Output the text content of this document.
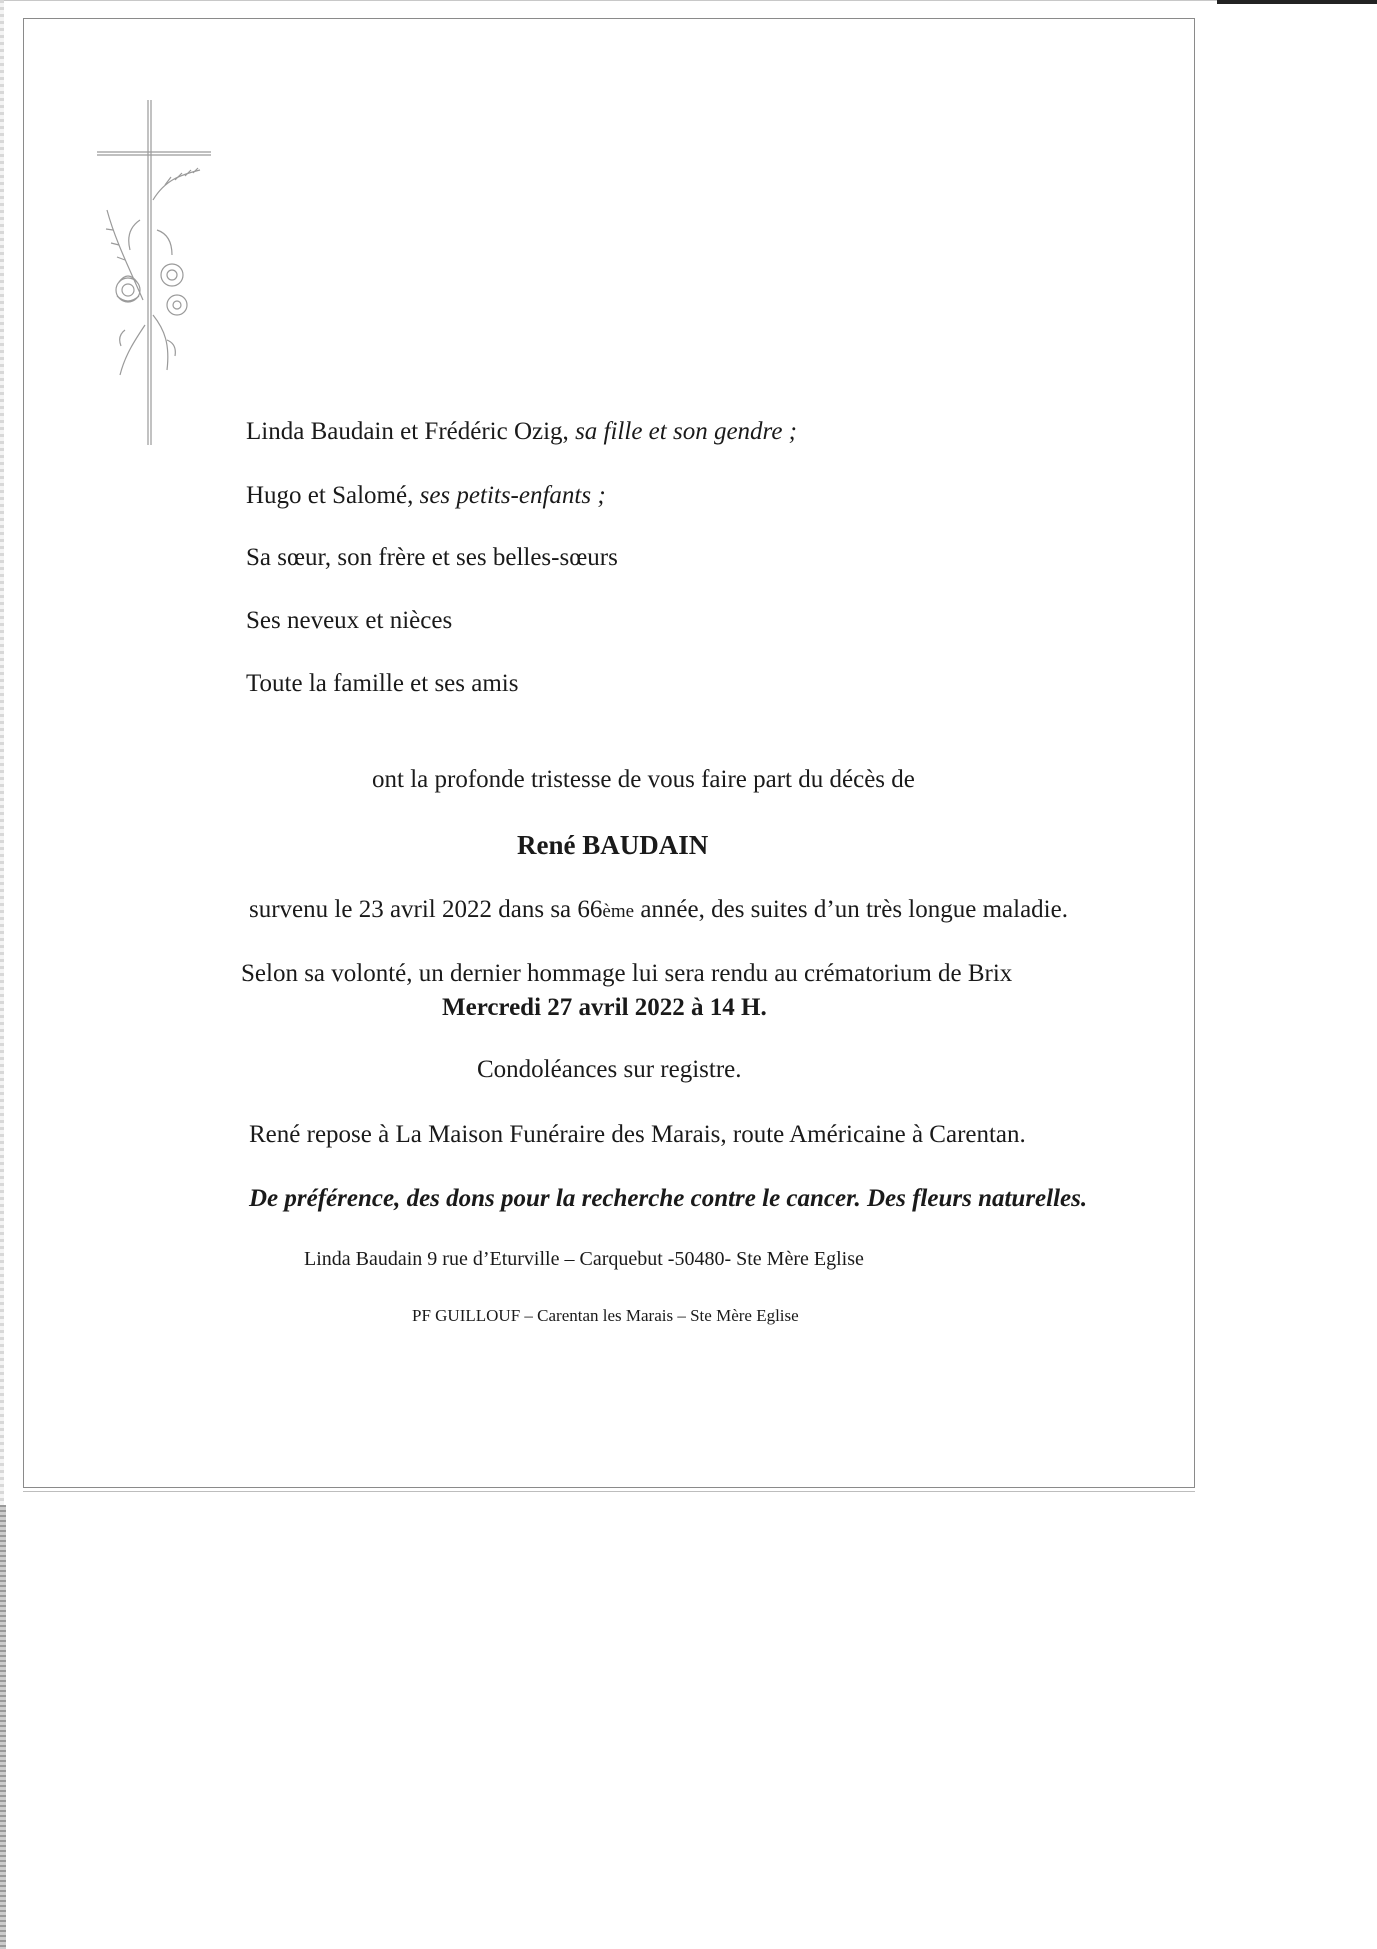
Linda Baudain et Frédéric Ozig, sa fille et son gendre ;
Hugo et Salomé, ses petits-enfants ;
Sa sœur, son frère et ses belles-sœurs
Ses neveux et nièces
Toute la famille et ses amis
ont la profonde tristesse de vous faire part du décès de
René BAUDAIN
survenu le 23 avril 2022 dans sa 66ème année, des suites d’un très longue maladie.
Selon sa volonté, un dernier hommage lui sera rendu au crématorium de Brix
Mercredi 27 avril 2022 à 14 H.
Condoléances sur registre.
René repose à La Maison Funéraire des Marais, route Américaine à Carentan.
De préférence, des dons pour la recherche contre le cancer. Des fleurs naturelles.
Linda Baudain 9 rue d’Eturville – Carquebut -50480- Ste Mère Eglise
PF GUILLOUF – Carentan les Marais – Ste Mère Eglise
